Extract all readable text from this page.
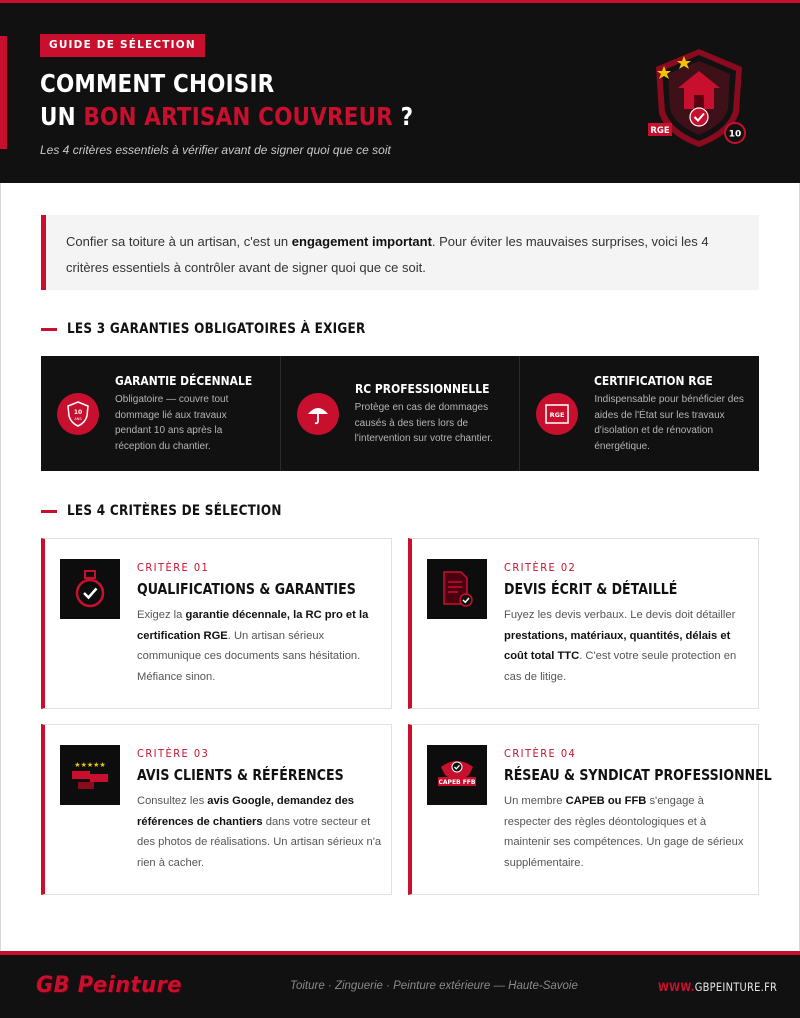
GUIDE DE SÉLECTION
COMMENT CHOISIR
UN BON ARTISAN COUVREUR ?
Les 4 critères essentiels à vérifier avant de signer quoi que ce soit
RGE	10
Confier sa toiture à un artisan, c'est un engagement important. Pour éviter les mauvaises surprises, voici les 4 critères essentiels à contrôler avant de signer quoi que ce soit.
LES 3 GARANTIES OBLIGATOIRES À EXIGER
10
ANS
GARANTIE DÉCENNALE
Obligatoire — couvre tout dommage lié aux travaux pendant 10 ans après la réception du chantier.
RC PROFESSIONNELLE
Protège en cas de dommages causés à des tiers lors de l'intervention sur votre chantier.
RGE
CERTIFICATION RGE
Indispensable pour bénéficier des aides de l'État sur les travaux d'isolation et de rénovation énergétique.
LES 4 CRITÈRES DE SÉLECTION
CRITÈRE 01
QUALIFICATIONS & GARANTIES
Exigez la garantie décennale, la RC pro et la certification RGE. Un artisan sérieux communique ces documents sans hésitation. Méfiance sinon.
CRITÈRE 02
DEVIS ÉCRIT & DÉTAILLÉ
Fuyez les devis verbaux. Le devis doit détailler prestations, matériaux, quantités, délais et coût total TTC. C'est votre seule protection en cas de litige.
★★★★★
CRITÈRE 03
AVIS CLIENTS & RÉFÉRENCES
Consultez les avis Google, demandez des références de chantiers dans votre secteur et des photos de réalisations. Un artisan sérieux n'a rien à cacher.
CAPEB FFB
CRITÈRE 04
RÉSEAU & SYNDICAT PROFESSIONNEL
Un membre CAPEB ou FFB s'engage à respecter des règles déontologiques et à maintenir ses compétences. Un gage de sérieux supplémentaire.
GB Peinture	Toiture · Zinguerie · Peinture extérieure — Haute-Savoie	WWW.GBPEINTURE.FR
